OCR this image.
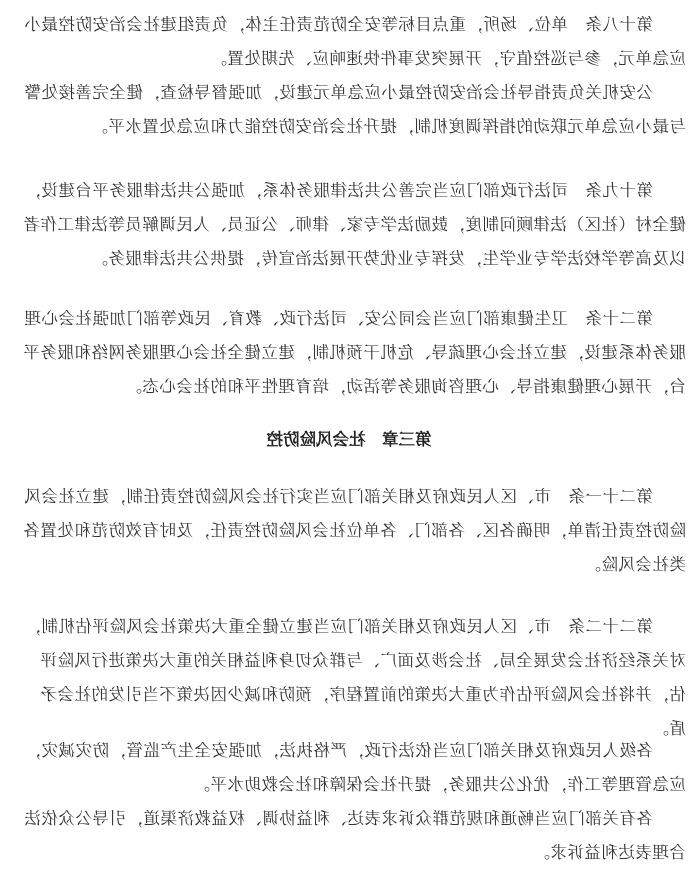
第十八条　单位、场所，重点目标等安全防范责任主体，负责组建社会治安防控最小应急单元，参与巡控值守，开展突发事件快速响应、先期处置。
公安机关负责指导社会治安防控最小应急单元建设，加强督导检查，健全完善接处警与最小应急单元联动的指挥调度机制，提升社会治安防控能力和应急处置水平。
第十九条　司法行政部门应当完善公共法律服务体系，加强公共法律服务平台建设，健全村（社区）法律顾问制度，鼓励法学专家、律师、公证员、人民调解员等法律工作者以及高等学校法学专业学生，发挥专业优势开展法治宣传，提供公共法律服务。
第二十条　卫生健康部门应当会同公安、司法行政、教育、民政等部门加强社会心理服务体系建设，建立社会心理疏导、危机干预机制，建立健全社会心理服务网络和服务平台，开展心理健康指导、心理咨询服务等活动，培育理性平和的社会心态。
第三章　社会风险防控
第二十一条　市、区人民政府及相关部门应当实行社会风险防控责任制，建立社会风险防控责任清单，明确各区、各部门、各单位社会风险防控责任，及时有效防范和处置各类社会风险。
第二十二条　市、区人民政府及相关部门应当建立健全重大决策社会风险评估机制，对关系经济社会发展全局、社会涉及面广、与群众切身利益相关的重大决策进行风险评估，并将社会风险评估作为重大决策的前置程序，预防和减少因决策不当引发的社会矛盾。
各级人民政府及相关部门应当依法行政，严格执法，加强安全生产监管，防灾减灾，应急管理等工作，优化公共服务，提升社会保障和社会救助水平。
各有关部门应当畅通和规范群众诉求表达、利益协调、权益救济渠道，引导公众依法合理表达利益诉求。
